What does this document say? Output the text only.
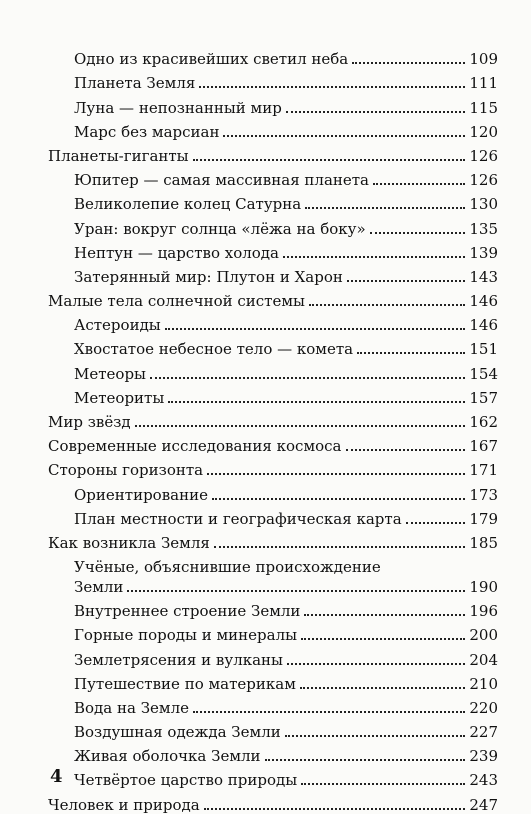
Одно из красивейших светил неба	109
Планета Земля	111
Луна — непознанный мир	115
Марс без марсиан	120
Планеты-гиганты	126
Юпитер — самая массивная планета	126
Великолепие колец Сатурна	130
Уран: вокруг солнца «лёжа на боку»	135
Нептун — царство холода	139
Затерянный мир: Плутон и Харон	143
Малые тела солнечной системы	146
Астероиды	146
Хвостатое небесное тело — комета	151
Метеоры	154
Метеориты	157
Мир звёзд	162
Современные исследования космоса	167
Стороны горизонта	171
Ориентирование	173
План местности и географическая карта	179
Как возникла Земля	185
Учёные, объяснившие происхождение
Земли	190
Внутреннее строение Земли	196
Горные породы и минералы	200
Землетрясения и вулканы	204
Путешествие по материкам	210
Вода на Земле	220
Воздушная одежда Земли	227
Живая оболочка Земли	239
Четвёртое царство природы	243
Человек и природа	247
4
